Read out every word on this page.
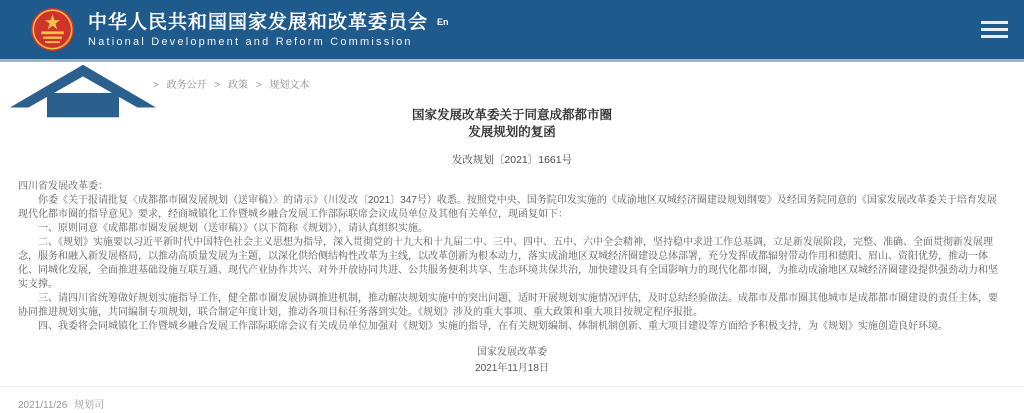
中华人民共和国国家发展和改革委员会
National Development and Reform Commission
En
> 政务公开 > 政策 > 规划文本
国家发展改革委关于同意成都都市圈
发展规划的复函
发改规划〔2021〕1661号

四川省发展改革委：

你委《关于报请批复〈成都都市圈发展规划（送审稿）〉的请示》（川发改〔2021〕347号）收悉。按照党中央、国务院印发实施的《成渝地区双城经济圈建设规划纲要》及经国务院同意的《国家发展改革委关于培育发展现代化都市圈的指导意见》要求，经商城镇化工作暨城乡融合发展工作部际联席会议成员单位及其他有关单位，现函复如下：

一、原则同意《成都都市圈发展规划（送审稿）》（以下简称《规划》），请认真组织实施。

二、《规划》实施要以习近平新时代中国特色社会主义思想为指导，深入贯彻党的十九大和十九届二中、三中、四中、五中、六中全会精神，坚持稳中求进工作总基调，立足新发展阶段，完整、准确、全面贯彻新发展理念，服务和融入新发展格局，以推动高质量发展为主题，以深化供给侧结构性改革为主线，以改革创新为根本动力，落实成渝地区双城经济圈建设总体部署，充分发挥成都辐射带动作用和德阳、眉山、资阳优势，推动一体化、同城化发展，全面推进基础设施互联互通、现代产业协作共兴、对外开放协同共进、公共服务便利共享、生态环境共保共治，加快建设具有全国影响力的现代化都市圈，为推动成渝地区双城经济圈建设提供强劲动力和坚实支撑。

三、请四川省统筹做好规划实施指导工作，健全都市圈发展协调推进机制，推动解决规划实施中的突出问题，适时开展规划实施情况评估，及时总结经验做法。成都市及都市圈其他城市是成都都市圈建设的责任主体，要协同推进规划实施，共同编制专项规划，联合制定年度计划，推动各项目标任务落到实处。《规划》涉及的重大事项、重大政策和重大项目按规定程序报批。

四、我委将会同城镇化工作暨城乡融合发展工作部际联席会议有关成员单位加强对《规划》实施的指导，在有关规划编制、体制机制创新、重大项目建设等方面给予积极支持，为《规划》实施创造良好环境。

国家发展改革委
2021年11月18日
2021/11/26 规划司
